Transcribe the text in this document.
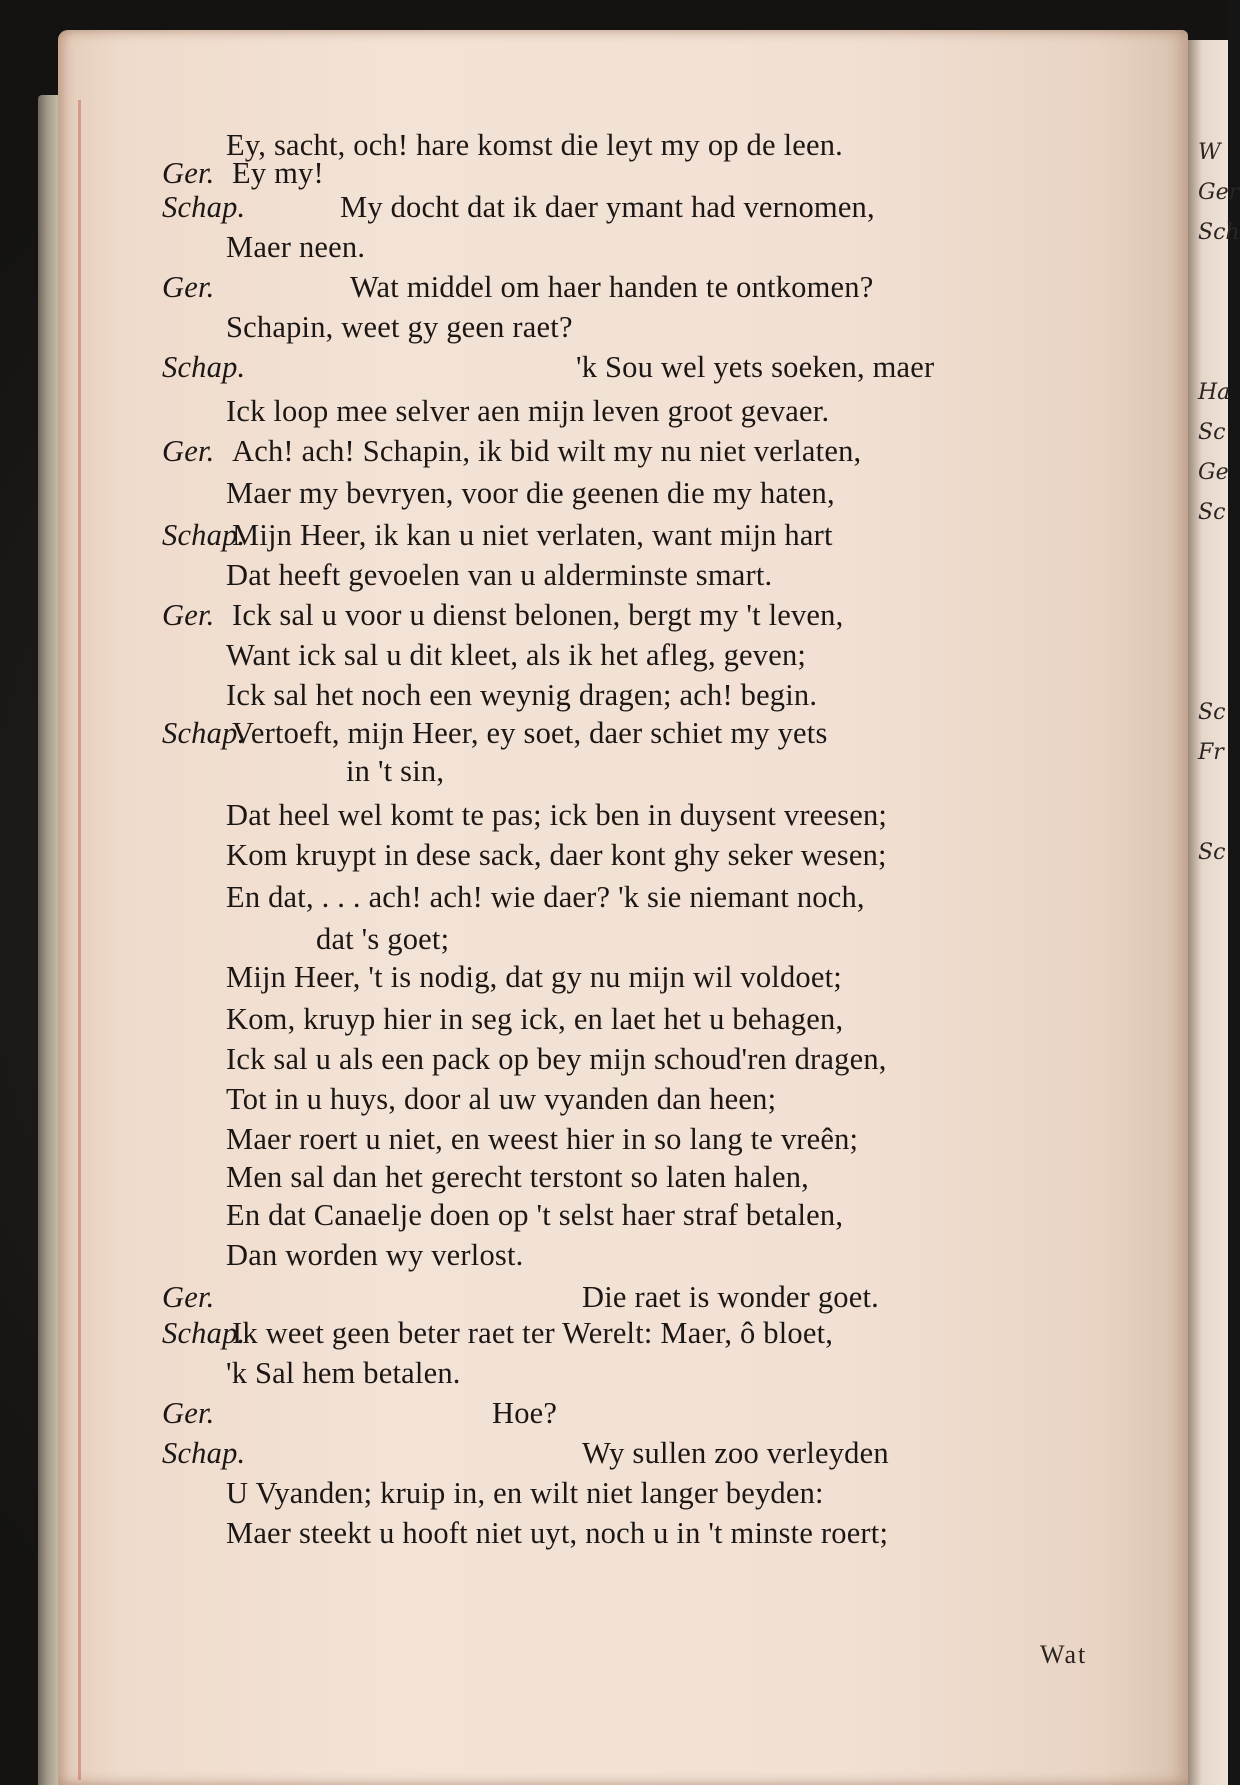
W
Ger
Sch
Ha
Sc
Ge
Sc
Sc
Fr
Sc
Ey, sacht, och! hare komst die leyt my op de leen.
Ger. Ey my!
Schap.	My docht dat ik daer ymant had vernomen,
Maer neen.
Ger.	Wat middel om haer handen te ontkomen?
Schapin, weet gy geen raet?
Schap.	'k Sou wel yets soeken, maer
Ick loop mee selver aen mijn leven groot gevaer.
Ger. Ach! ach! Schapin, ik bid wilt my nu niet verlaten,
Maer my bevryen, voor die geenen die my haten,
Schap.Mijn Heer, ik kan u niet verlaten, want mijn hart
Dat heeft gevoelen van u alderminste smart.
Ger. Ick sal u voor u dienst belonen, bergt my 't leven,
Want ick sal u dit kleet, als ik het afleg, geven;
Ick sal het noch een weynig dragen; ach! begin.
Schap.Vertoeft, mijn Heer, ey soet, daer schiet my yets
in 't sin,
Dat heel wel komt te pas; ick ben in duysent vreesen;
Kom kruypt in dese sack, daer kont ghy seker wesen;
En dat, . . . ach! ach! wie daer? 'k sie niemant noch,
dat 's goet;
Mijn Heer, 't is nodig, dat gy nu mijn wil voldoet;
Kom, kruyp hier in seg ick, en laet het u behagen,
Ick sal u als een pack op bey mijn schoud'ren dragen,
Tot in u huys, door al uw vyanden dan heen;
Maer roert u niet, en weest hier in so lang te vreên;
Men sal dan het gerecht terstont so laten halen,
En dat Canaelje doen op 't selst haer straf betalen,
Dan worden wy verlost.
Ger.	Die raet is wonder goet.
Schap.Ik weet geen beter raet ter Werelt: Maer, ô bloet,
'k Sal hem betalen.
Ger.	Hoe?
Schap.	Wy sullen zoo verleyden
U Vyanden; kruip in, en wilt niet langer beyden:
Maer steekt u hooft niet uyt, noch u in 't minste roert;
Wat
